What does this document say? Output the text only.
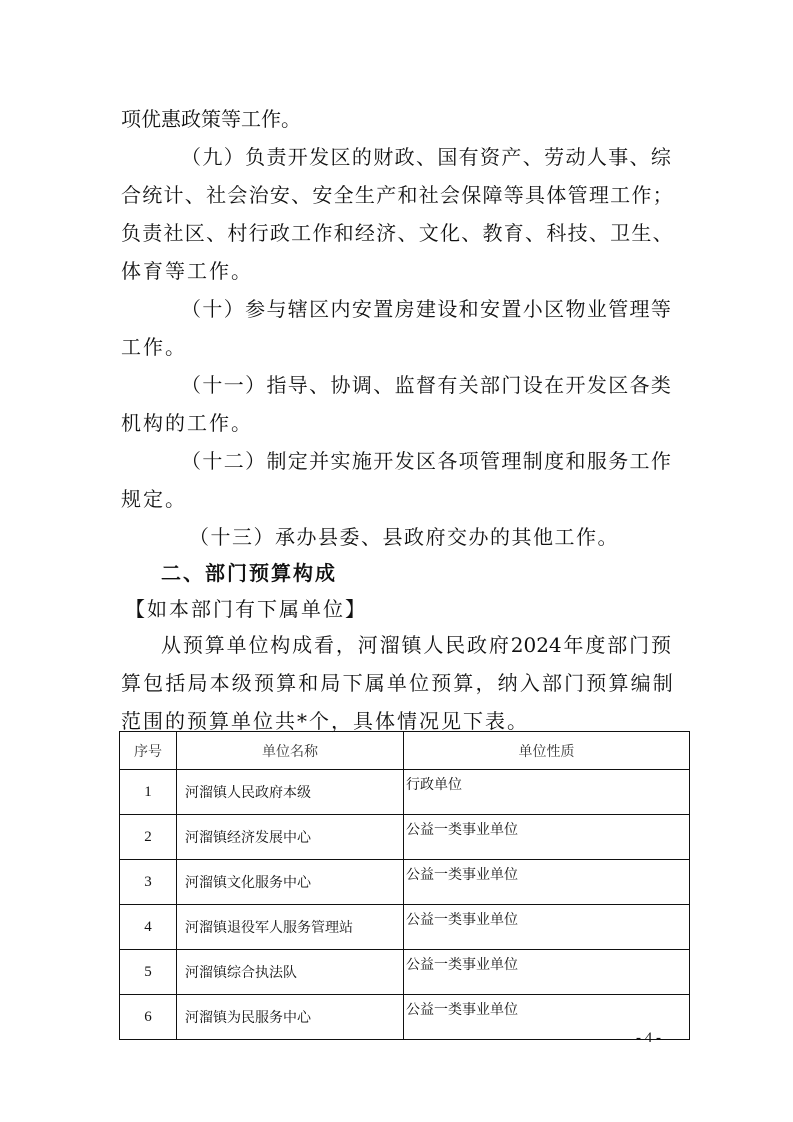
项优惠政策等工作。
（ 九 ） 负 责 开 发 区 的 财 政 、 国 有 资 产 、 劳 动 人 事 、 综
合 统 计 、 社 会 治 安 、 安 全 生 产 和 社 会 保 障 等 具 体 管 理 工 作 ；
负 责 社 区 、 村 行 政 工 作 和 经 济 、 文 化 、 教 育 、 科 技 、 卫 生 、
体育等工作。
（ 十 ） 参 与 辖 区 内 安 置 房 建 设 和 安 置 小 区 物 业 管 理 等
工作。
（ 十 一 ） 指 导 、 协 调 、 监 督 有 关 部 门 设 在 开 发 区 各 类
机构的工作。
（ 十 二 ） 制 定 并 实 施 开 发 区 各 项 管 理 制 度 和 服 务 工 作
规定。
（十三）承办县委、县政府交办的其他工作。
二、部门预算构成
【如本部门有下属单位】
从 预 算 单 位 构 成 看 ， 河 溜 镇 人 民 政 府 2024 年 度 部 门 预
算 包 括 局 本 级 预 算 和 局 下 属 单 位 预 算 ， 纳 入 部 门 预 算 编 制
范围的预算单位共*个，具体情况见下表。
序号	单位名称	单位性质
1	河溜镇人民政府本级	行政单位
2	河溜镇经济发展中心	公益一类事业单位
3	河溜镇文化服务中心	公益一类事业单位
4	河溜镇退役军人服务管理站	公益一类事业单位
5	河溜镇综合执法队	公益一类事业单位
6	河溜镇为民服务中心	公益一类事业单位
- 4 -
